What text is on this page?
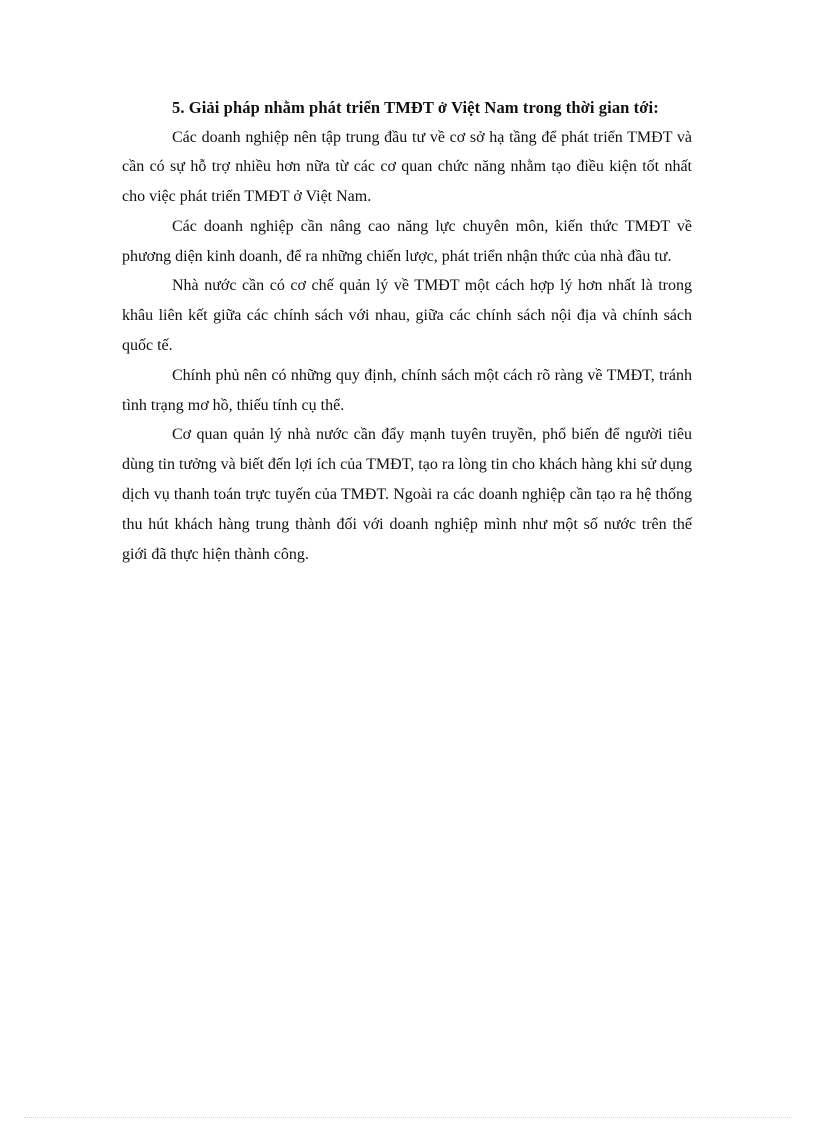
5. Giải pháp nhằm phát triển TMĐT ở Việt Nam trong thời gian tới:

Các doanh nghiệp nên tập trung đầu tư về cơ sở hạ tầng để phát triển TMĐT và cần có sự hỗ trợ nhiều hơn nữa từ các cơ quan chức năng nhằm tạo điều kiện tốt nhất cho việc phát triển TMĐT ở Việt Nam.

Các doanh nghiệp cần nâng cao năng lực chuyên môn, kiến thức TMĐT về phương diện kinh doanh, để ra những chiến lược, phát triển nhận thức của nhà đầu tư.

Nhà nước cần có cơ chế quản lý về TMĐT một cách hợp lý hơn nhất là trong khâu liên kết giữa các chính sách với nhau, giữa các chính sách nội địa và chính sách quốc tế.

Chính phủ nên có những quy định, chính sách một cách rõ ràng về TMĐT, tránh tình trạng mơ hồ, thiếu tính cụ thể.

Cơ quan quản lý nhà nước cần đẩy mạnh tuyên truyền, phổ biến để người tiêu dùng tin tưởng và biết đến lợi ích của TMĐT, tạo ra lòng tin cho khách hàng khi sử dụng dịch vụ thanh toán trực tuyến của TMĐT. Ngoài ra các doanh nghiệp cần tạo ra hệ thống thu hút khách hàng trung thành đối với doanh nghiệp mình như một số nước trên thế giới đã thực hiện thành công.
